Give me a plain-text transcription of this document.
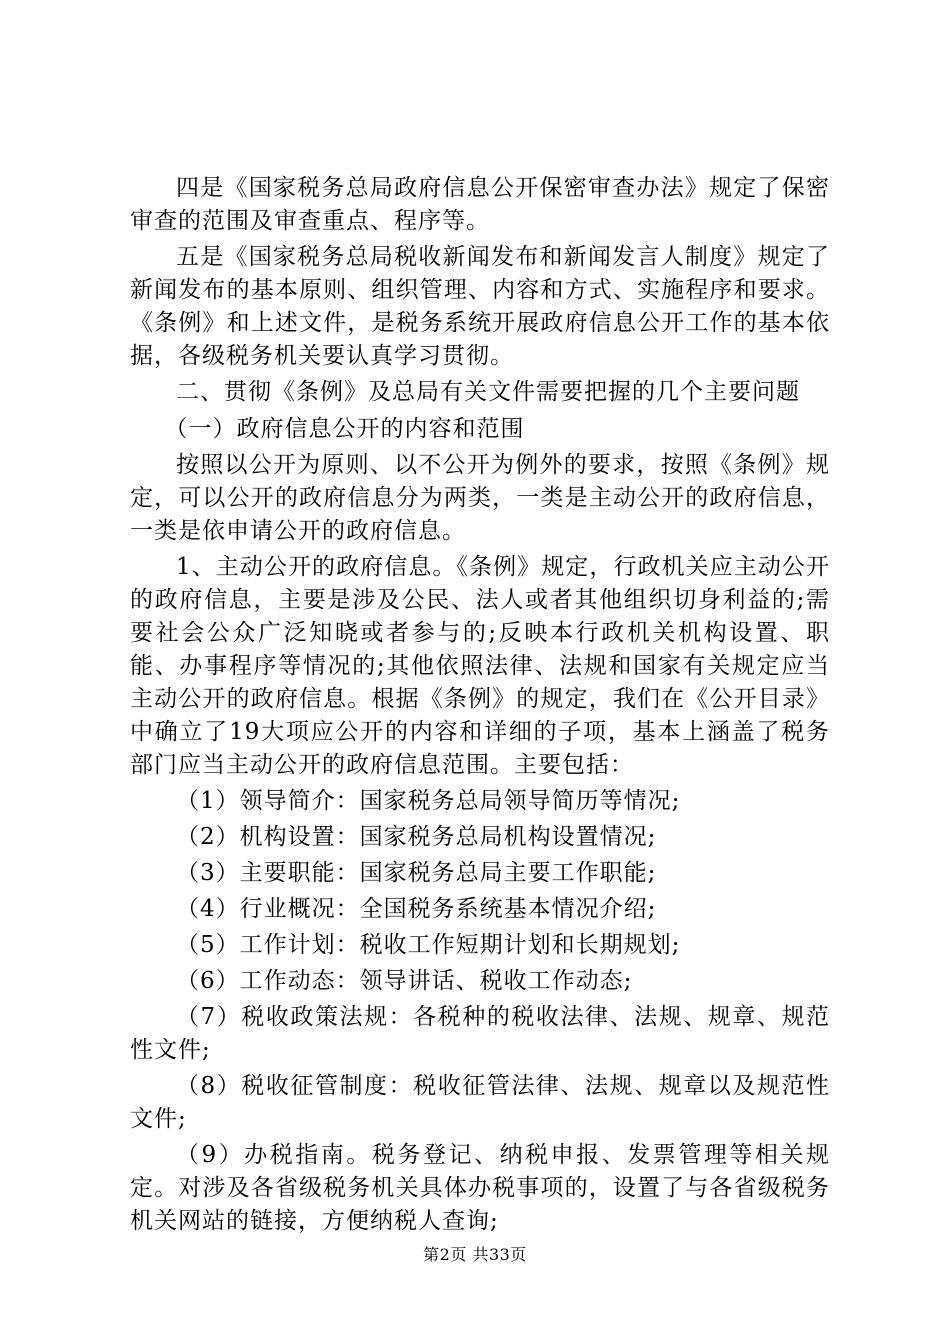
四是《国家税务总局政府信息公开保密审查办法》规定了保密审查的范围及审查重点、程序等。

五是《国家税务总局税收新闻发布和新闻发言人制度》规定了新闻发布的基本原则、组织管理、内容和方式、实施程序和要求。《条例》和上述文件，是税务系统开展政府信息公开工作的基本依据，各级税务机关要认真学习贯彻。

二、贯彻《条例》及总局有关文件需要把握的几个主要问题

（一）政府信息公开的内容和范围

按照以公开为原则、以不公开为例外的要求，按照《条例》规定，可以公开的政府信息分为两类，一类是主动公开的政府信息，一类是依申请公开的政府信息。

1、主动公开的政府信息。《条例》规定，行政机关应主动公开的政府信息，主要是涉及公民、法人或者其他组织切身利益的;需要社会公众广泛知晓或者参与的;反映本行政机关机构设置、职能、办事程序等情况的;其他依照法律、法规和国家有关规定应当主动公开的政府信息。根据《条例》的规定，我们在《公开目录》中确立了19大项应公开的内容和详细的子项，基本上涵盖了税务部门应当主动公开的政府信息范围。主要包括：

（1）领导简介：国家税务总局领导简历等情况;

（2）机构设置：国家税务总局机构设置情况;

（3）主要职能：国家税务总局主要工作职能;

（4）行业概况：全国税务系统基本情况介绍;

（5）工作计划：税收工作短期计划和长期规划;

（6）工作动态：领导讲话、税收工作动态;

（7）税收政策法规：各税种的税收法律、法规、规章、规范性文件;

（8）税收征管制度：税收征管法律、法规、规章以及规范性文件;

（9）办税指南。税务登记、纳税申报、发票管理等相关规定。对涉及各省级税务机关具体办税事项的，设置了与各省级税务机关网站的链接，方便纳税人查询;

第2页 共33页
